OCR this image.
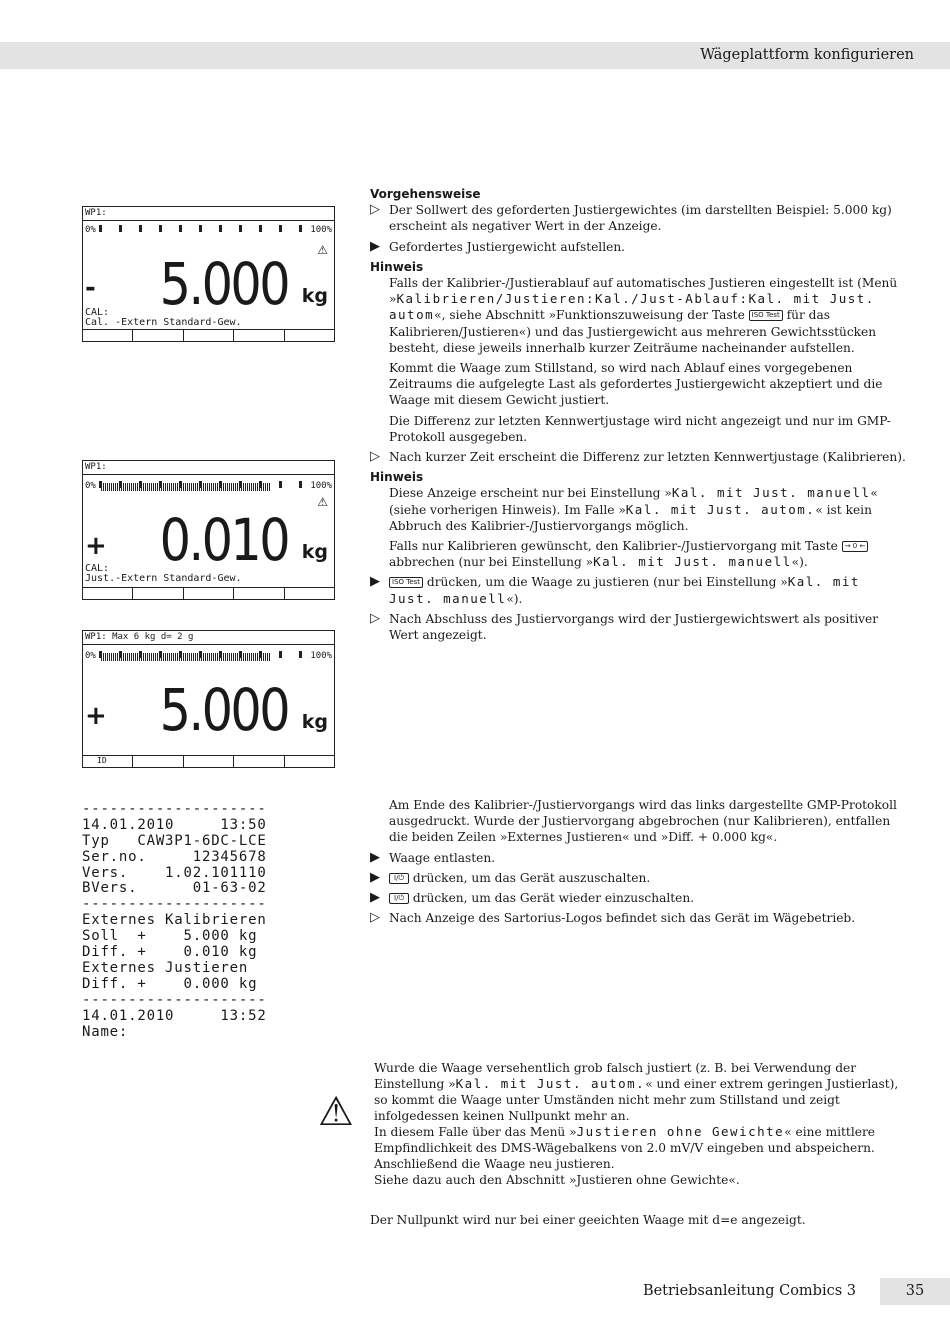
Wägeplattform konfigurieren
WP1:
0%	100%
⚠
- 5.000 kg
CAL:
Cal. -Extern Standard-Gew.
WP1:
0%	100%
⚠
+ 0.010 kg
CAL:
Just.-Extern Standard-Gew.
WP1: Max 6 kg d= 2 g
0%	100%
+ 5.000 kg
ID

--------------------
14.01.2010     13:50
Typ   CAW3P1-6DC-LCE
Ser.no.     12345678
Vers.    1.02.101110
BVers.      01-63-02
--------------------
Externes Kalibrieren
Soll  +    5.000 kg
Diff. +    0.010 kg
Externes Justieren
Diff. +    0.000 kg
--------------------
14.01.2010     13:52
Name:

Vorgehensweise

▷ Der Sollwert des geforderten Justiergewichtes (im darstellten Beispiel: 5.000 kg) erscheint als negativer Wert in der Anzeige.
▶ Gefordertes Justiergewicht aufstellen.

Hinweis

Falls der Kalibrier-/Justierablauf auf automatisches Justieren eingestellt ist (Menü »Kalibrieren/Justieren:Kal./Just-Ablauf:Kal. mit Just. autom«, siehe Abschnitt »Funktionszuweisung der Taste ISO Test für das Kalibrieren/Justieren«) und das Justiergewicht aus mehreren Gewichtsstücken besteht, diese jeweils innerhalb kurzer Zeiträume nacheinander aufstellen.

Kommt die Waage zum Stillstand, so wird nach Ablauf eines vorgegebenen Zeitraums die aufgelegte Last als gefordertes Justiergewicht akzeptiert und die Waage mit diesem Gewicht justiert.

Die Differenz zur letzten Kennwertjustage wird nicht angezeigt und nur im GMP-Protokoll ausgegeben.

▷ Nach kurzer Zeit erscheint die Differenz zur letzten Kennwertjustage (Kalibrieren).

Hinweis

Diese Anzeige erscheint nur bei Einstellung »Kal. mit Just. manuell« (siehe vorherigen Hinweis). Im Falle »Kal. mit Just. autom.« ist kein Abbruch des Kalibrier-/Justiervorgangs möglich.

Falls nur Kalibrieren gewünscht, den Kalibrier-/Justiervorgang mit Taste → 0 ← abbrechen (nur bei Einstellung »Kal. mit Just. manuell«).

▶ ISO Test drücken, um die Waage zu justieren (nur bei Einstellung »Kal. mit Just. manuell«).
▷ Nach Abschluss des Justiervorgangs wird der Justiergewichtswert als positiver Wert angezeigt.

Am Ende des Kalibrier-/Justiervorgangs wird das links dargestellte GMP-Protokoll ausgedruckt. Wurde der Justiervorgang abgebrochen (nur Kalibrieren), entfallen die beiden Zeilen »Externes Justieren« und »Diff. + 0.000 kg«.

▶ Waage entlasten.
▶ I/⏻ drücken, um das Gerät auszuschalten.
▶ I/⏻ drücken, um das Gerät wieder einzuschalten.
▷ Nach Anzeige des Sartorius-Logos befindet sich das Gerät im Wägebetrieb.
⚠
Wurde die Waage versehentlich grob falsch justiert (z. B. bei Verwendung der Einstellung »Kal. mit Just. autom.« und einer extrem geringen Justierlast), so kommt die Waage unter Umständen nicht mehr zum Stillstand und zeigt infolgedessen keinen Nullpunkt mehr an.
In diesem Falle über das Menü »Justieren ohne Gewichte« eine mittlere Empfindlichkeit des DMS-Wägebalkens von 2.0 mV/V eingeben und abspeichern.
Anschließend die Waage neu justieren.
Siehe dazu auch den Abschnitt »Justieren ohne Gewichte«.
Der Nullpunkt wird nur bei einer geeichten Waage mit d=e angezeigt.
Betriebsanleitung Combics 3	35
